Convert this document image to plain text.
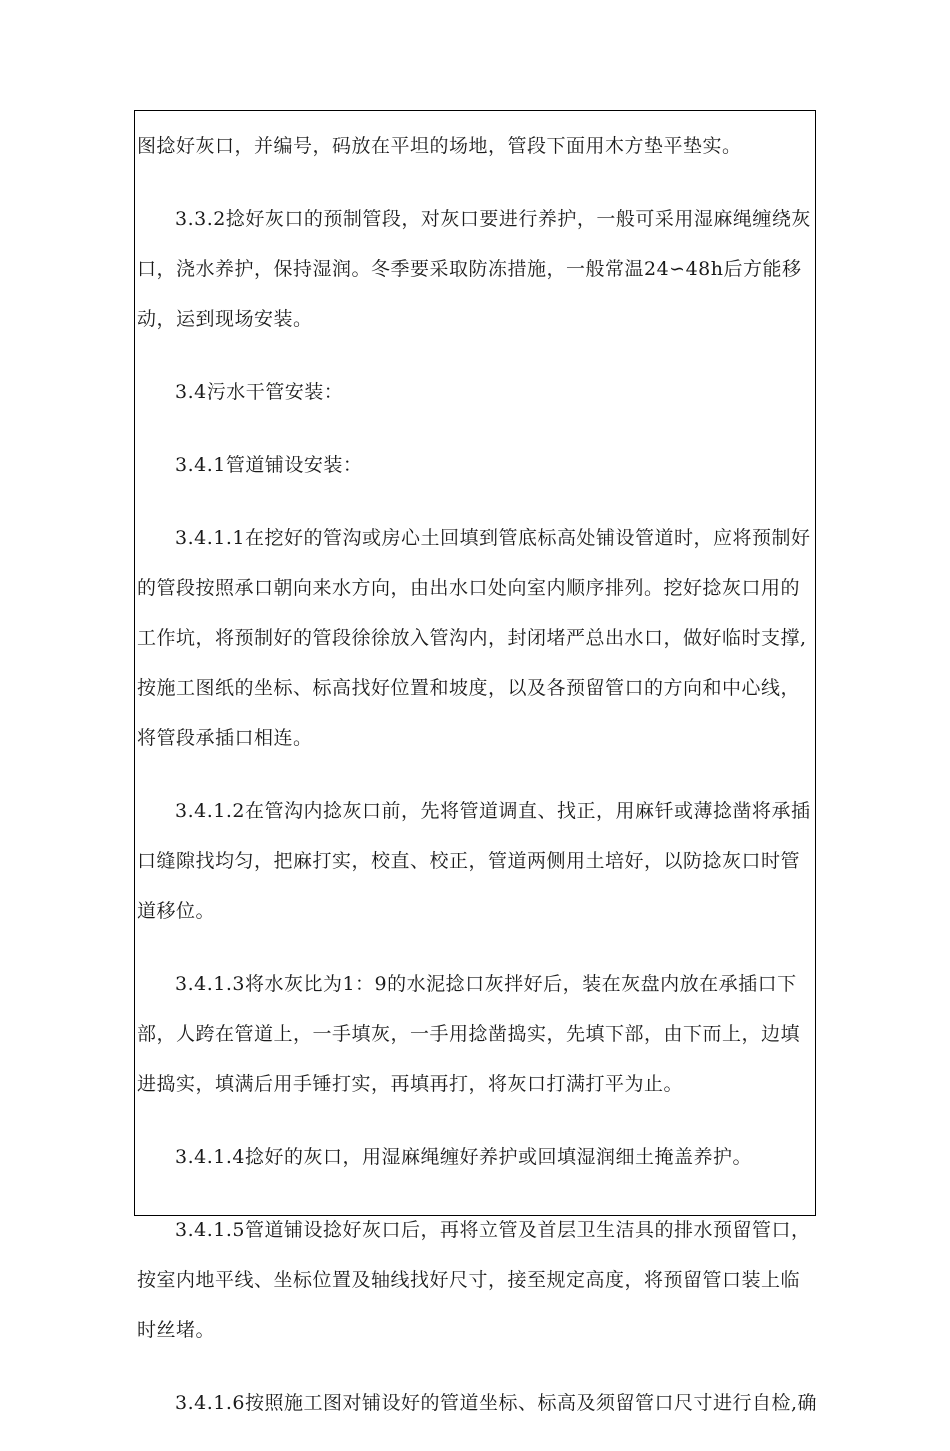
图捻好灰口，并编号，码放在平坦的场地，管段下面用木方垫平垫实。

3.3.2捻好灰口的预制管段，对灰口要进行养护，一般可采用湿麻绳缠绕灰口，浇水养护，保持湿润。冬季要采取防冻措施，一般常温24∽48h后方能移动，运到现场安装。

3.4污水干管安装：

3.4.1管道铺设安装：

3.4.1.1在挖好的管沟或房心土回填到管底标高处铺设管道时，应将预制好的管段按照承口朝向来水方向，由出水口处向室内顺序排列。挖好捻灰口用的工作坑，将预制好的管段徐徐放入管沟内，封闭堵严总出水口，做好临时支撑,按施工图纸的坐标、标高找好位置和坡度，以及各预留管口的方向和中心线，将管段承插口相连。

3.4.1.2在管沟内捻灰口前，先将管道调直、找正，用麻钎或薄捻凿将承插口缝隙找均匀，把麻打实，校直、校正，管道两侧用土培好，以防捻灰口时管道移位。

3.4.1.3将水灰比为1：9的水泥捻口灰拌好后，装在灰盘内放在承插口下部，人跨在管道上，一手填灰，一手用捻凿捣实，先填下部，由下而上，边填进捣实，填满后用手锤打实，再填再打，将灰口打满打平为止。

3.4.1.4捻好的灰口，用湿麻绳缠好养护或回填湿润细土掩盖养护。

3.4.1.5管道铺设捻好灰口后，再将立管及首层卫生洁具的排水预留管口，按室内地平线、坐标位置及轴线找好尺寸，接至规定高度，将预留管口装上临时丝堵。

3.4.1.6按照施工图对铺设好的管道坐标、标高及须留管口尺寸进行自检,确
